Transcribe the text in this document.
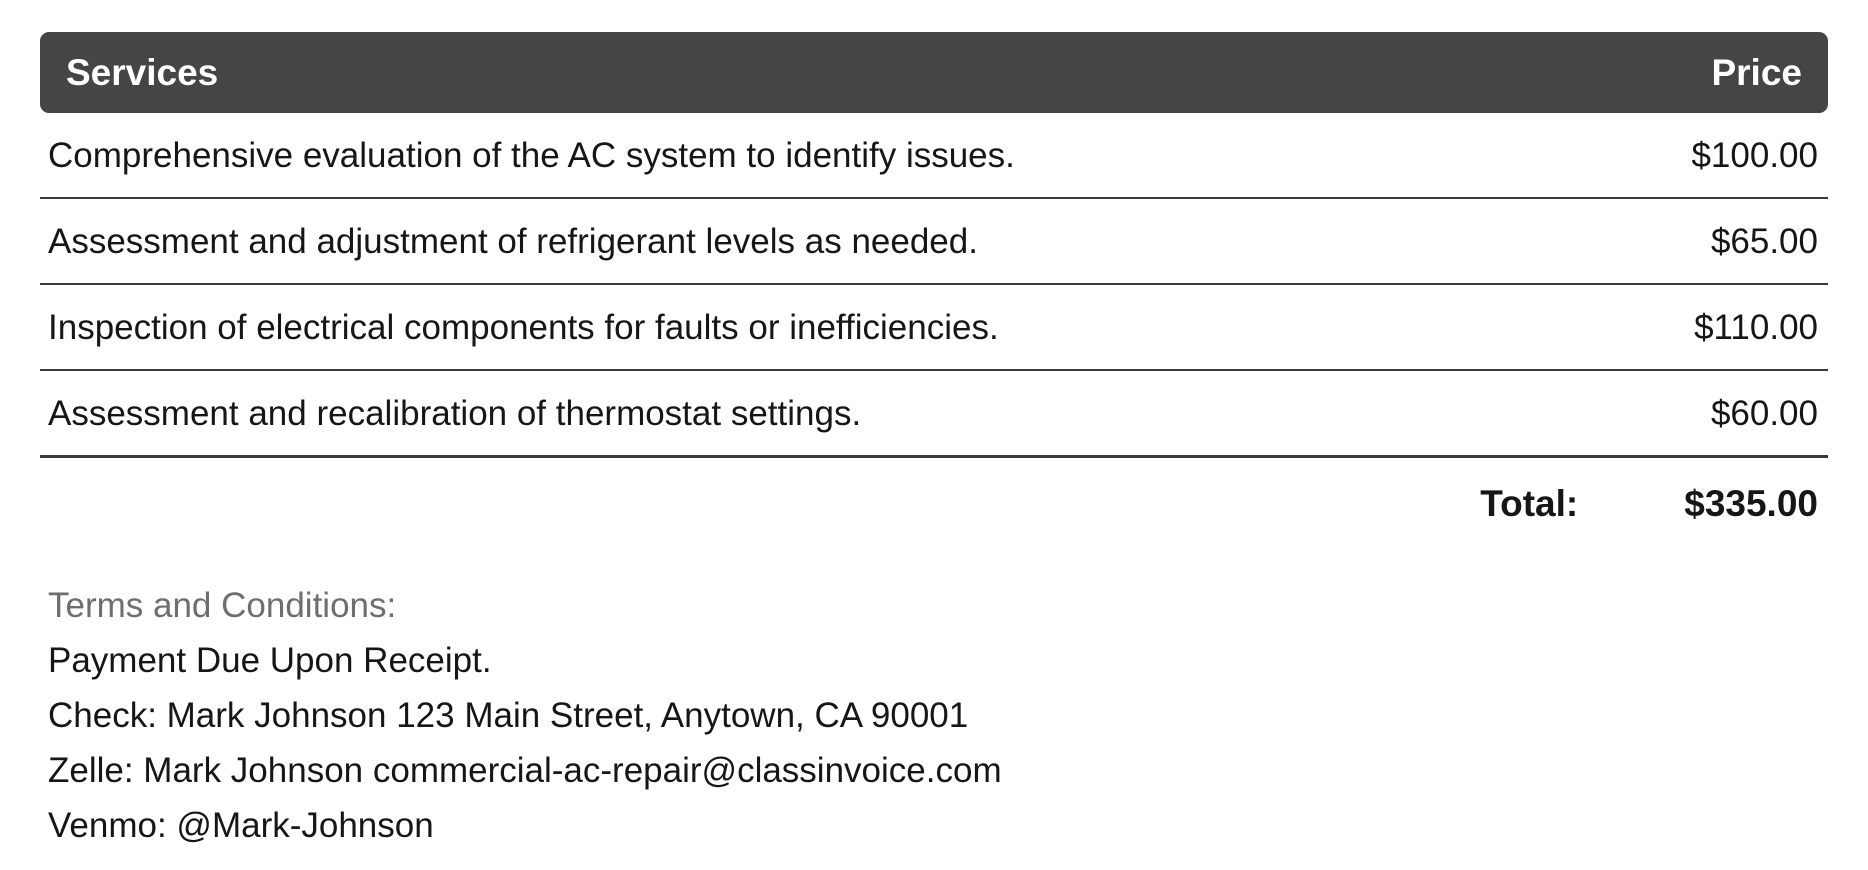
Services	Price
Comprehensive evaluation of the AC system to identify issues.	$100.00
Assessment and adjustment of refrigerant levels as needed.	$65.00
Inspection of electrical components for faults or inefficiencies.	$110.00
Assessment and recalibration of thermostat settings.	$60.00
Total:	$335.00
Terms and Conditions:
Payment Due Upon Receipt.
Check: Mark Johnson 123 Main Street, Anytown, CA 90001
Zelle: Mark Johnson commercial-ac-repair@classinvoice.com
Venmo: @Mark-Johnson
